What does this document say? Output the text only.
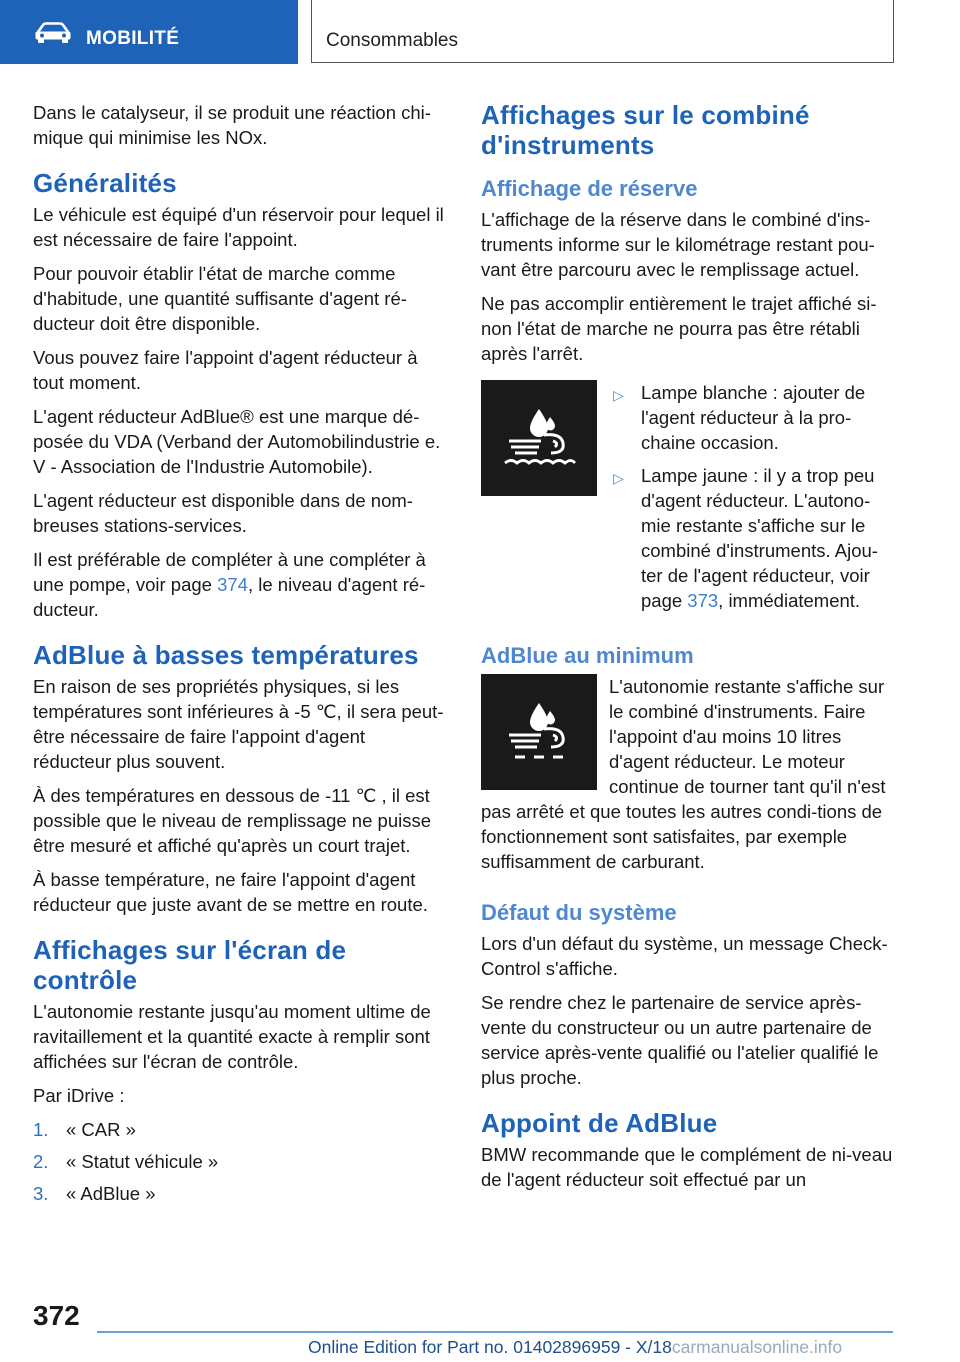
MOBILITÉ	Consommables

Dans le catalyseur, il se produit une réaction chi-mique qui minimise les NOx.

Généralités

Le véhicule est équipé d'un réservoir pour lequel il est nécessaire de faire l'appoint.

Pour pouvoir établir l'état de marche comme d'habitude, une quantité suffisante d'agent ré-ducteur doit être disponible.

Vous pouvez faire l'appoint d'agent réducteur à tout moment.

L'agent réducteur AdBlue® est une marque dé-posée du VDA (Verband der Automobilindustrie e. V - Association de l'Industrie Automobile).

L'agent réducteur est disponible dans de nom-breuses stations-services.

Il est préférable de compléter à une compléter à une pompe, voir page 374, le niveau d'agent ré-ducteur.

AdBlue à basses températures

En raison de ses propriétés physiques, si les températures sont inférieures à -5 ℃, il sera peut-être nécessaire de faire l'appoint d'agent réducteur plus souvent.

À des températures en dessous de -11 ℃ , il est possible que le niveau de remplissage ne puisse être mesuré et affiché qu'après un court trajet.

À basse température, ne faire l'appoint d'agent réducteur que juste avant de se mettre en route.

Affichages sur l'écran de contrôle

L'autonomie restante jusqu'au moment ultime de ravitaillement et la quantité exacte à remplir sont affichées sur l'écran de contrôle.

Par iDrive :

1. « CAR »
2. « Statut véhicule »
3. « AdBlue »
Affichages sur le combiné d'instruments
Affichage de réserve

L'affichage de la réserve dans le combiné d'ins-truments informe sur le kilométrage restant pou-vant être parcouru avec le remplissage actuel.

Ne pas accomplir entièrement le trajet affiché si-non l'état de marche ne pourra pas être rétabli après l'arrêt.

▷ Lampe blanche : ajouter de l'agent réducteur à la pro-chaine occasion.
▷ Lampe jaune : il y a trop peu d'agent réducteur. L'autono-mie restante s'affiche sur le combiné d'instruments. Ajou-ter de l'agent réducteur, voir page 373, immédiatement.
AdBlue au minimum

L'autonomie restante s'affiche sur le combiné d'instruments. Faire l'appoint d'au moins 10 litres d'agent réducteur. Le moteur continue de tourner tant qu'il n'est pas arrêté et que toutes les autres condi-tions de fonctionnement sont satisfaites, par exemple suffisamment de carburant.

Défaut du système

Lors d'un défaut du système, un message Check-Control s'affiche.

Se rendre chez le partenaire de service après-vente du constructeur ou un autre partenaire de service après-vente qualifié ou l'atelier qualifié le plus proche.

Appoint de AdBlue

BMW recommande que le complément de ni-veau de l'agent réducteur soit effectué par un

372
Online Edition for Part no. 01402896959 - X/18carmanualsonline.info
